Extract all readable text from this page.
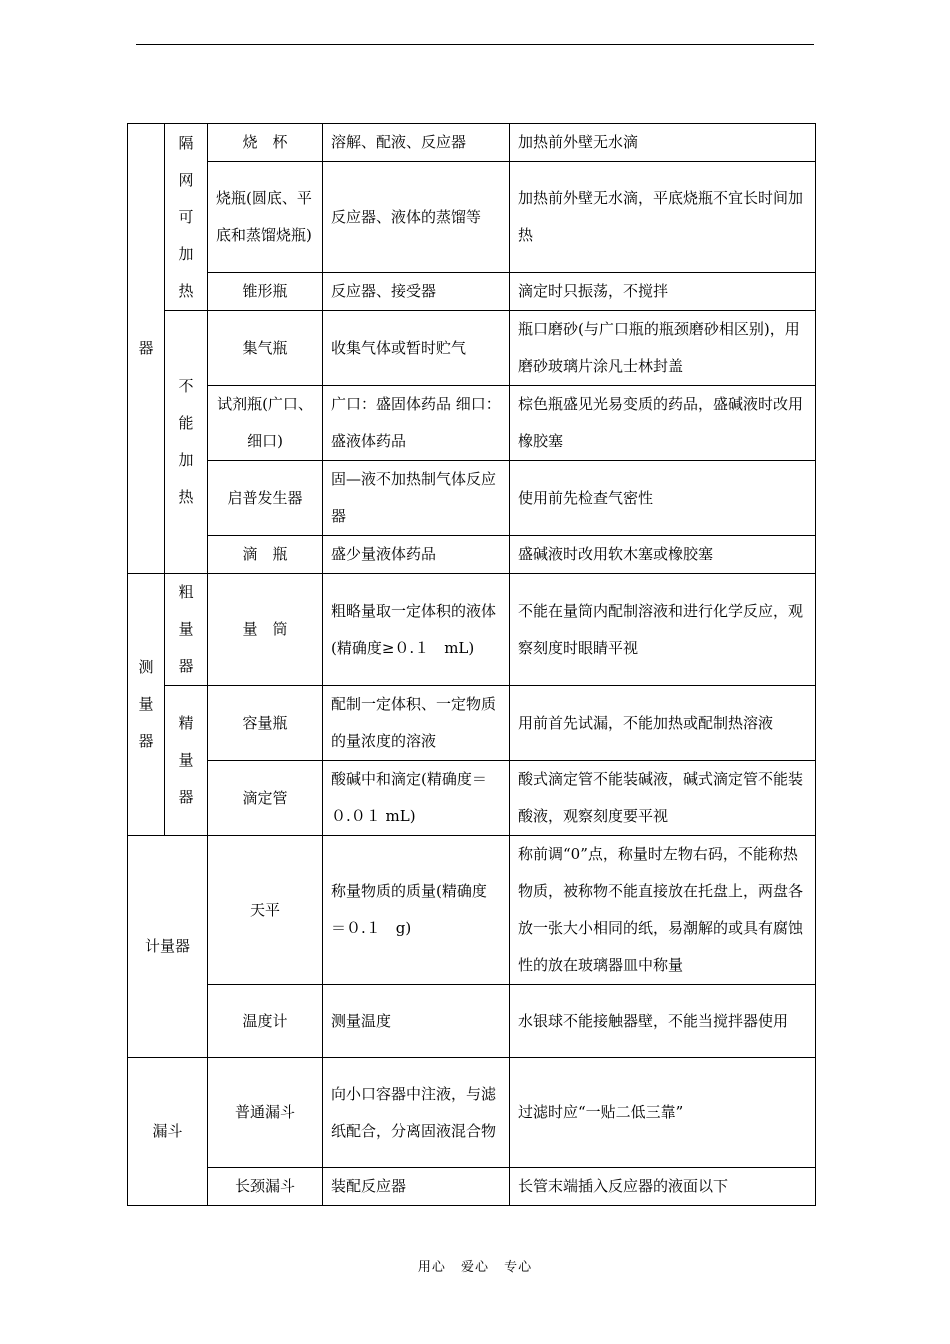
器	隔网可加热	烧　杯	溶解、配液、反应器	加热前外壁无水滴
		烧瓶(圆底、平底和蒸馏烧瓶)	反应器、液体的蒸馏等	加热前外壁无水滴，平底烧瓶不宜长时间加热
		锥形瓶	反应器、接受器	滴定时只振荡，不搅拌
	不能加热	集气瓶	收集气体或暂时贮气	瓶口磨砂(与广口瓶的瓶颈磨砂相区别)，用磨砂玻璃片涂凡士林封盖
		试剂瓶(广口、细口)	广口：盛固体药品 细口：盛液体药品	棕色瓶盛见光易变质的药品，盛碱液时改用橡胶塞
		启普发生器	固—液不加热制气体反应器	使用前先检查气密性
		滴　瓶	盛少量液体药品	盛碱液时改用软木塞或橡胶塞
测量器	粗量器	量　筒	粗略量取一定体积的液体(精确度≥０.１　mL)	不能在量筒内配制溶液和进行化学反应，观察刻度时眼睛平视
	精量器	容量瓶	配制一定体积、一定物质的量浓度的溶液	用前首先试漏，不能加热或配制热溶液
		滴定管	酸碱中和滴定(精确度＝０.０１ mL)	酸式滴定管不能装碱液，碱式滴定管不能装酸液，观察刻度要平视
计量器		天平	称量物质的质量(精确度＝０.１　g)	称前调“0”点，称量时左物右码，不能称热物质，被称物不能直接放在托盘上，两盘各放一张大小相同的纸，易潮解的或具有腐蚀性的放在玻璃器皿中称量
		温度计	测量温度	水银球不能接触器壁，不能当搅拌器使用
漏斗		普通漏斗	向小口容器中注液，与滤纸配合，分离固液混合物	过滤时应“一贴二低三靠”
		长颈漏斗	装配反应器	长管末端插入反应器的液面以下
用心 爱心 专心
